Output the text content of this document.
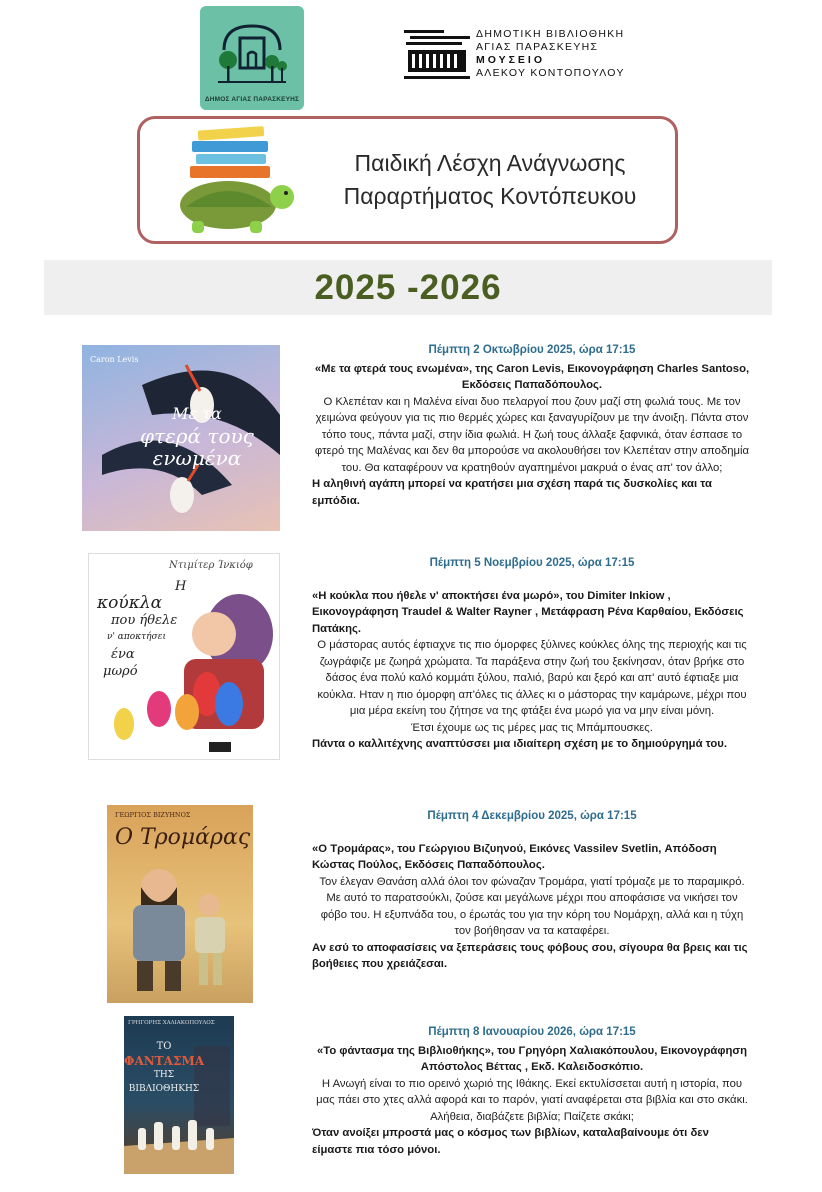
ΔΗΜΟΣ ΑΓΙΑΣ ΠΑΡΑΣΚΕΥΗΣ
ΔΗΜΟΤΙΚΗ ΒΙΒΛΙΟΘΗΚΗ
ΑΓΙΑΣ ΠΑΡΑΣΚΕΥΗΣ
ΜΟΥΣΕΙΟ
ΑΛΕΚΟΥ ΚΟΝΤΟΠΟΥΛΟΥ
Παιδική Λέσχη Ανάγνωσης
Παραρτήματος Κοντόπευκου
2025 -2026
Caron Levis
Με τα
φτερά τους
ενωμένα
Πέμπτη 2 Οκτωβρίου 2025, ώρα 17:15
«Με τα φτερά τους ενωμένα», της Caron Levis, Εικονογράφηση Charles Santoso, Εκδόσεις Παπαδόπουλος.
Ο Κλεπέταν και η Μαλένα είναι δυο πελαργοί που ζουν μαζί στη φωλιά τους. Με τον χειμώνα φεύγουν για τις πιο θερμές χώρες και ξαναγυρίζουν με την άνοιξη. Πάντα στον τόπο τους, πάντα μαζί, στην ίδια φωλιά. Η ζωή τους άλλαξε ξαφνικά, όταν έσπασε το φτερό της Μαλένας και δεν θα μπορούσε να ακολουθήσει τον Κλεπέταν στην αποδημία του. Θα καταφέρουν να κρατηθούν αγαπημένοι μακρυά ο ένας απ' τον άλλο;
Η αληθινή αγάπη μπορεί να κρατήσει μια σχέση παρά τις δυσκολίες και τα εμπόδια.
Ντιμίτερ Ίνκιόφ
Η
κούκλα
που ήθελε
ν' αποκτήσει
ένα
μωρό
Πέμπτη 5 Νοεμβρίου 2025, ώρα 17:15
«Η κούκλα που ήθελε ν' αποκτήσει ένα μωρό», του Dimiter Inkiow , Εικονογράφηση Traudel & Walter Rayner , Μετάφραση Ρένα Καρθαίου, Εκδόσεις Πατάκης.
Ο μάστορας αυτός έφτιαχνε τις πιο όμορφες ξύλινες κούκλες όλης της περιοχής και τις ζωγράφιζε με ζωηρά χρώματα. Τα παράξενα στην ζωή του ξεκίνησαν, όταν βρήκε στο δάσος ένα πολύ καλό κομμάτι ξύλου, παλιό, βαρύ και ξερό και απ' αυτό έφτιαξε μια κούκλα. Ηταν η πιο όμορφη απ'όλες τις άλλες κι ο μάστορας την καμάρωνε, μέχρι που μια μέρα εκείνη του ζήτησε να της φτάξει ένα μωρό για να μην είναι μόνη.
Έτσι έχουμε ως τις μέρες μας τις Μπάμπουσκες.
Πάντα ο καλλιτέχνης αναπτύσσει μια ιδιαίτερη σχέση με το δημιούργημά του.
ΓΕΩΡΓΙΟΣ ΒΙΖΥΗΝΟΣ
Ο Τρομάρας
Πέμπτη 4 Δεκεμβρίου 2025, ώρα 17:15
«Ο Τρομάρας», του Γεώργιου Βιζυηνού, Εικόνες Vassilev Svetlin, Απόδοση Κώστας Πούλος, Εκδόσεις Παπαδόπουλος.
Τον έλεγαν Θανάση αλλά όλοι τον φώναζαν Τρομάρα, γιατί τρόμαζε με το παραμικρό. Με αυτό το παρατσούκλι, ζούσε και μεγάλωνε μέχρι που αποφάσισε να νικήσει τον φόβο του. Η εξυπνάδα του, ο έρωτάς του για την κόρη του Νομάρχη, αλλά και η τύχη τον βοήθησαν να τα καταφέρει.
Αν εσύ το αποφασίσεις να ξεπεράσεις τους φόβους σου, σίγουρα θα βρεις και τις βοήθειες που χρειάζεσαι.
ΓΡΗΓΟΡΗΣ ΧΑΛΙΑΚΟΠΟΥΛΟΣ
ΤΟ
ΦΑΝΤΑΣΜΑ
ΤΗΣ
ΒΙΒΛΙΟΘΗΚΗΣ
Πέμπτη 8 Ιανουαρίου 2026, ώρα 17:15
«Το φάντασμα της Βιβλιοθήκης», του Γρηγόρη Χαλιακόπουλου, Εικονογράφηση Απόστολος Βέττας , Εκδ. Καλειδοσκόπιο.
Η Ανωγή είναι το πιο ορεινό χωριό της Ιθάκης. Εκεί εκτυλίσσεται αυτή η ιστορία, που μας πάει στο χτες αλλά αφορά και το παρόν, γιατί αναφέρεται στα βιβλία και στο σκάκι. Αλήθεια, διαβάζετε βιβλία; Παίζετε σκάκι;
Όταν ανοίξει μπροστά μας ο κόσμος των βιβλίων, καταλαβαίνουμε ότι δεν είμαστε πια τόσο μόνοι.
